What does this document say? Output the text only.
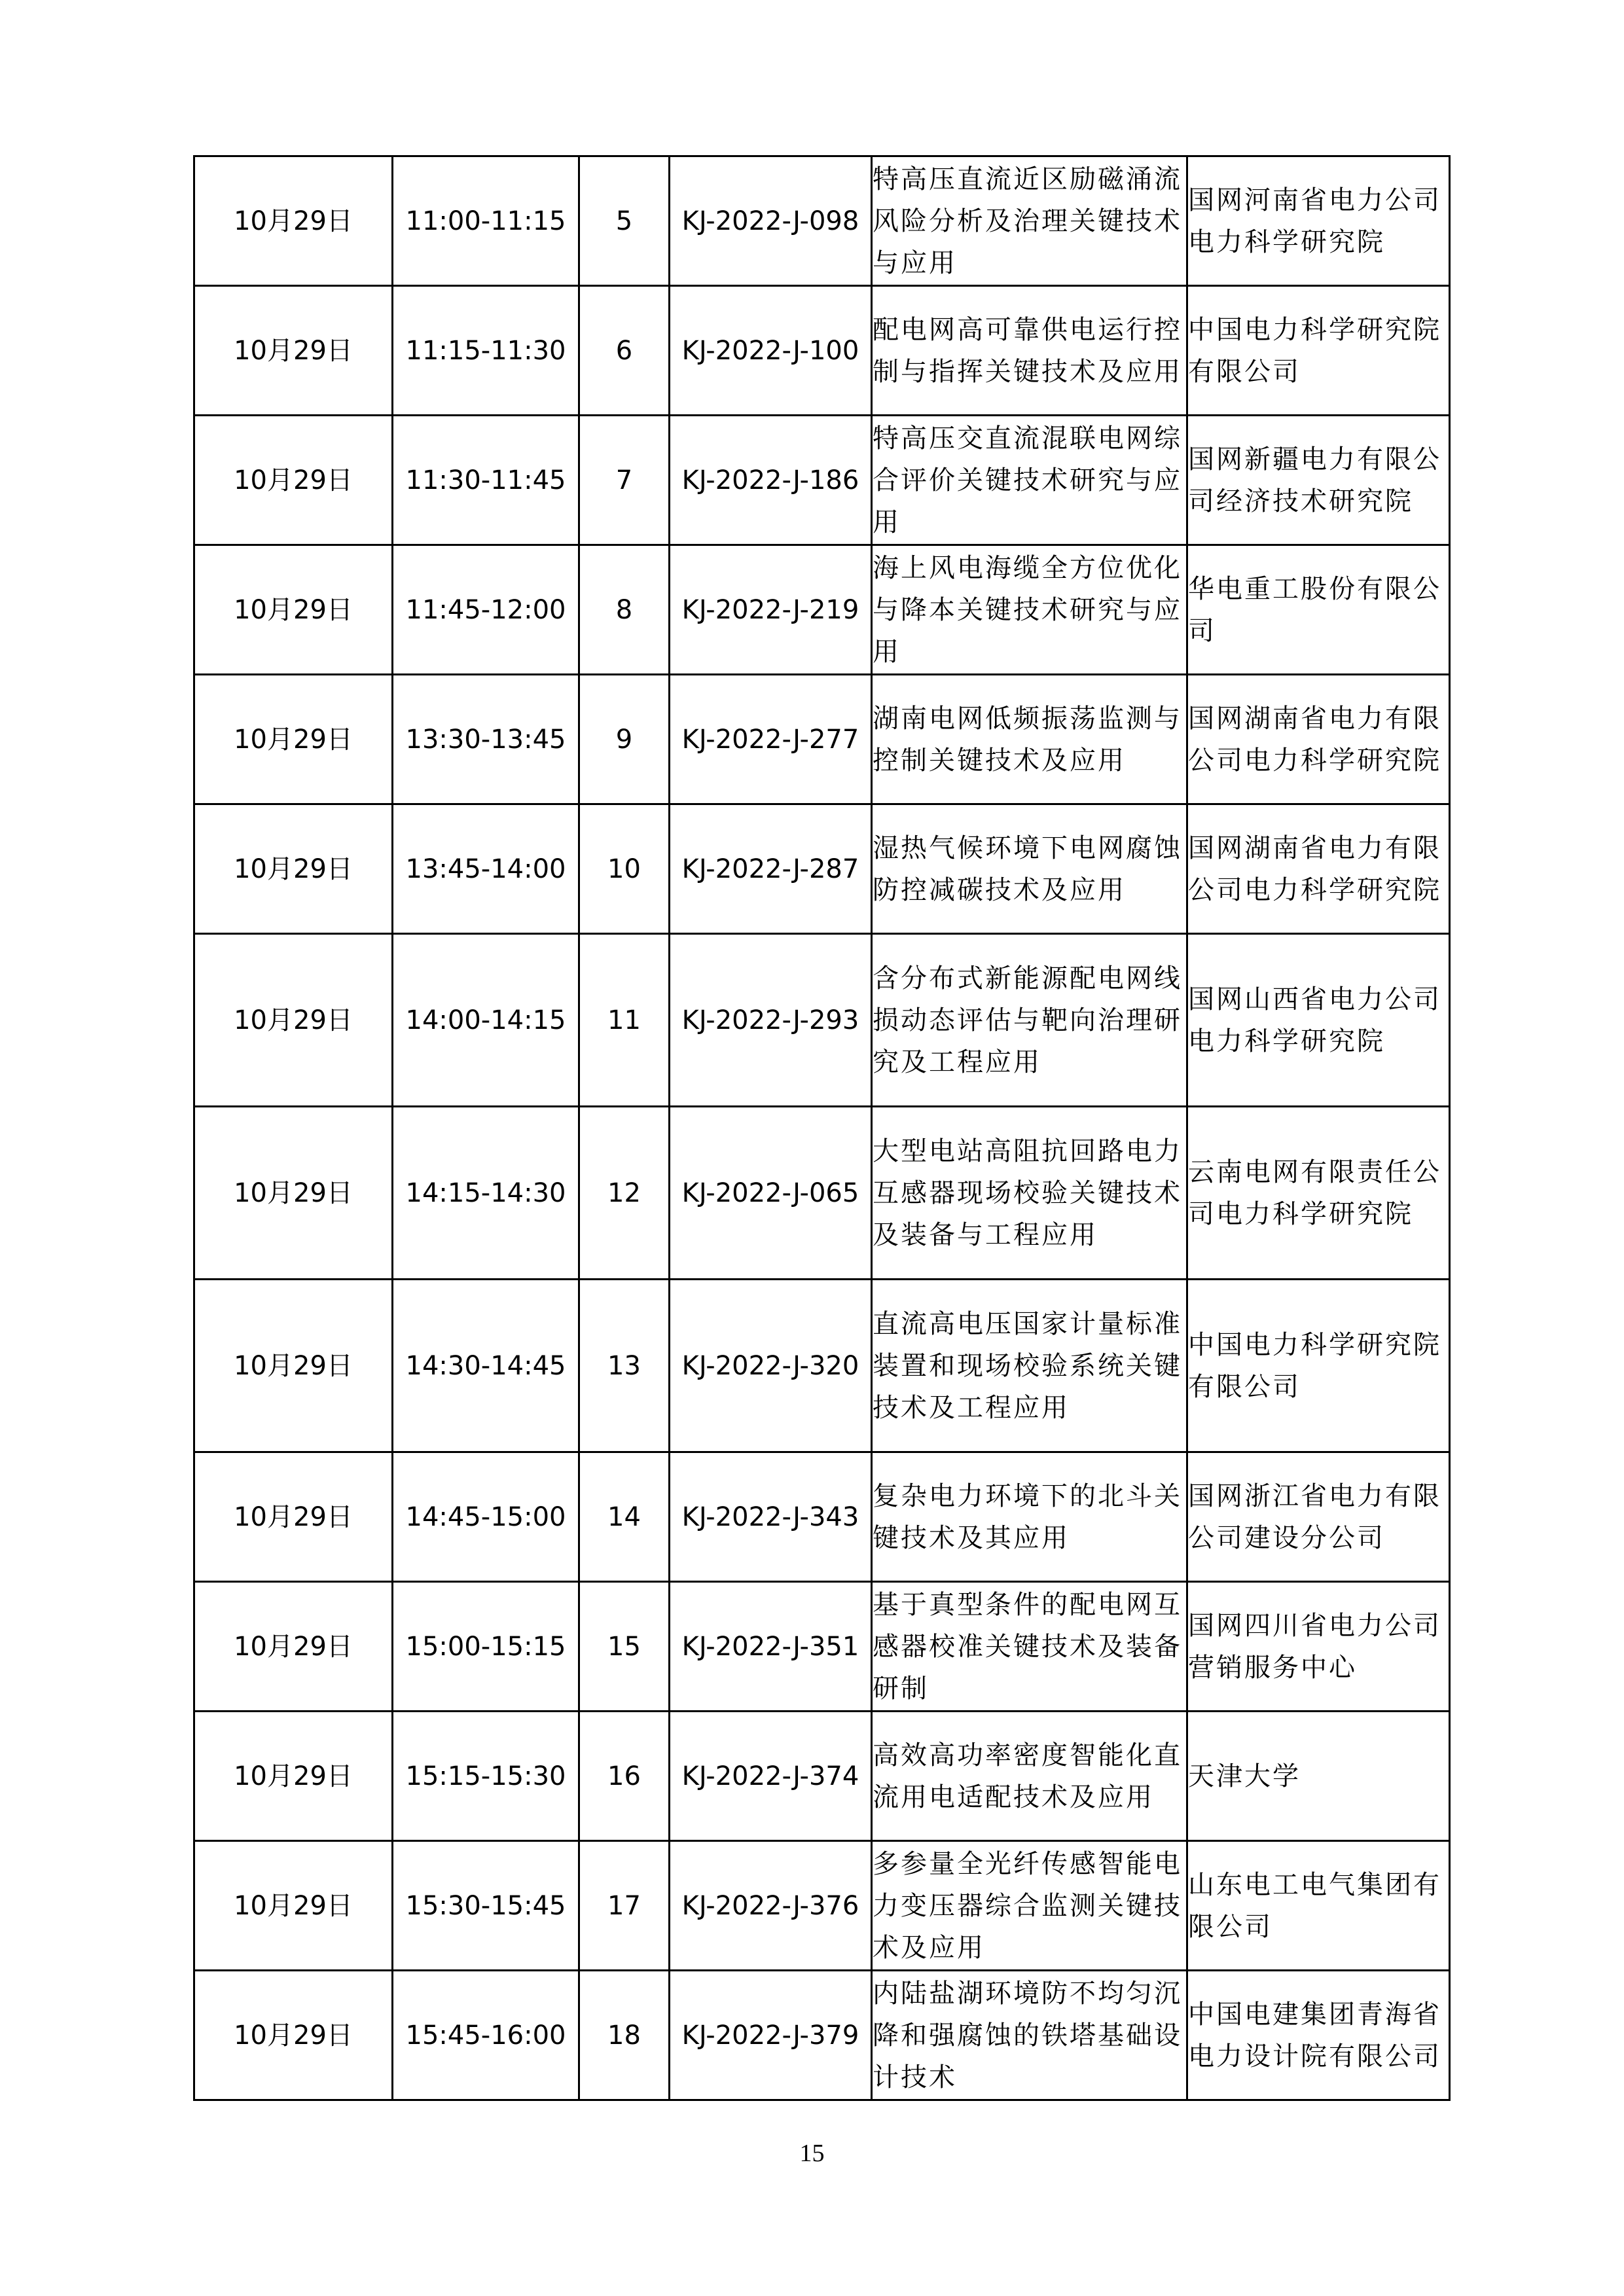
10月29日	11:00-11:15	5	KJ-2022-J-098	特高压直流近区励磁涌流风险分析及治理关键技术与应用	国网河南省电力公司电力科学研究院
10月29日	11:15-11:30	6	KJ-2022-J-100	配电网高可靠供电运行控制与指挥关键技术及应用	中国电力科学研究院有限公司
10月29日	11:30-11:45	7	KJ-2022-J-186	特高压交直流混联电网综合评价关键技术研究与应用	国网新疆电力有限公司经济技术研究院
10月29日	11:45-12:00	8	KJ-2022-J-219	海上风电海缆全方位优化与降本关键技术研究与应用	华电重工股份有限公司
10月29日	13:30-13:45	9	KJ-2022-J-277	湖南电网低频振荡监测与控制关键技术及应用	国网湖南省电力有限公司电力科学研究院
10月29日	13:45-14:00	10	KJ-2022-J-287	湿热气候环境下电网腐蚀防控减碳技术及应用	国网湖南省电力有限公司电力科学研究院
10月29日	14:00-14:15	11	KJ-2022-J-293	含分布式新能源配电网线损动态评估与靶向治理研究及工程应用	国网山西省电力公司电力科学研究院
10月29日	14:15-14:30	12	KJ-2022-J-065	大型电站高阻抗回路电力互感器现场校验关键技术及装备与工程应用	云南电网有限责任公司电力科学研究院
10月29日	14:30-14:45	13	KJ-2022-J-320	直流高电压国家计量标准装置和现场校验系统关键技术及工程应用	中国电力科学研究院有限公司
10月29日	14:45-15:00	14	KJ-2022-J-343	复杂电力环境下的北斗关键技术及其应用	国网浙江省电力有限公司建设分公司
10月29日	15:00-15:15	15	KJ-2022-J-351	基于真型条件的配电网互感器校准关键技术及装备研制	国网四川省电力公司营销服务中心
10月29日	15:15-15:30	16	KJ-2022-J-374	高效高功率密度智能化直流用电适配技术及应用	天津大学
10月29日	15:30-15:45	17	KJ-2022-J-376	多参量全光纤传感智能电力变压器综合监测关键技术及应用	山东电工电气集团有限公司
10月29日	15:45-16:00	18	KJ-2022-J-379	内陆盐湖环境防不均匀沉降和强腐蚀的铁塔基础设计技术	中国电建集团青海省电力设计院有限公司
15
